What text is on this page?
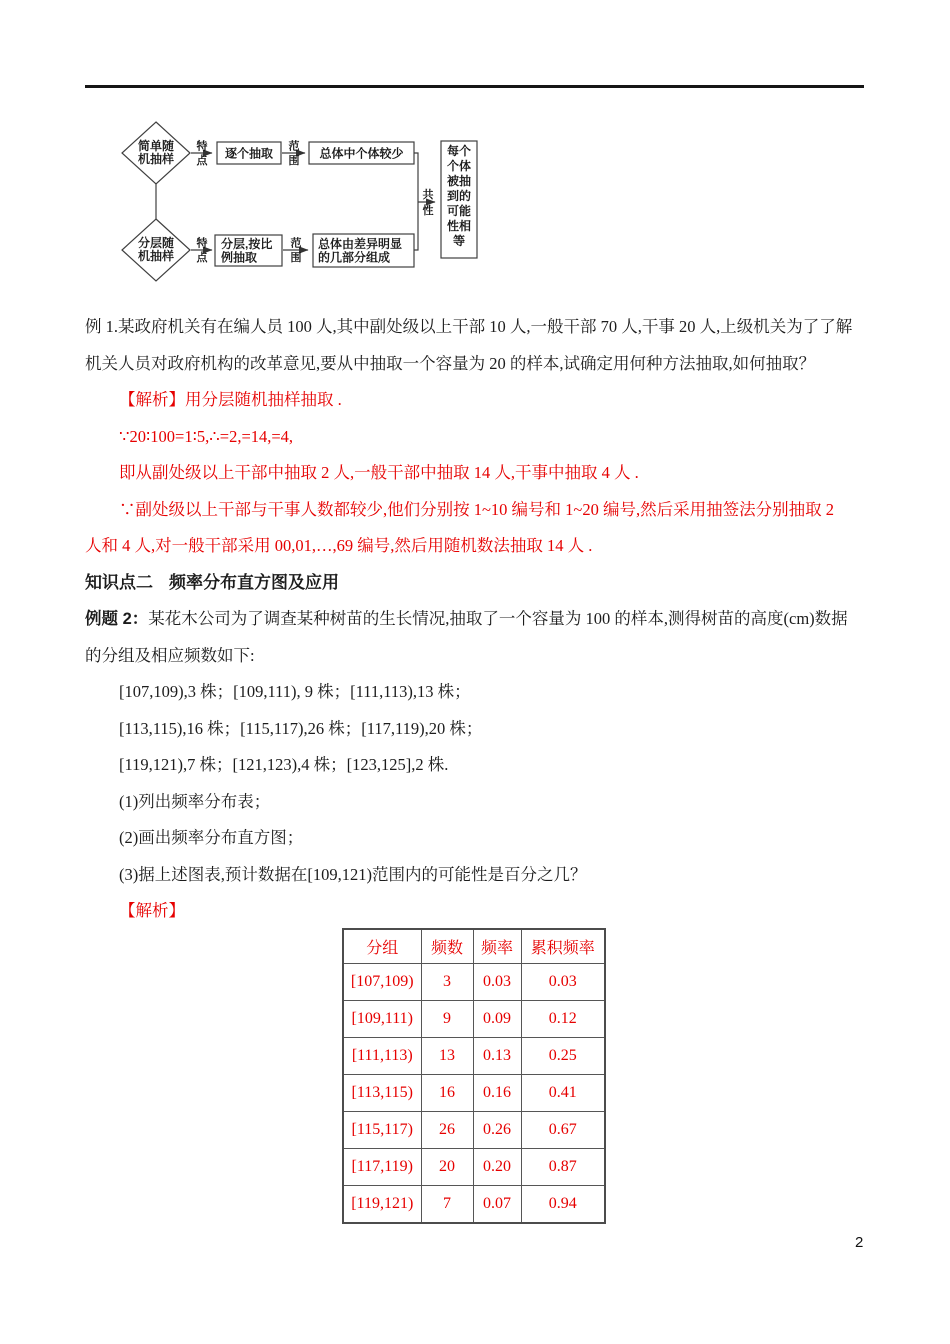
简单随
机抽样
分层随
机抽样
特
点
逐个抽取 范
围
总体中个体较少
特
点
分层,按比
例抽取
范
围
总体由差异明显
的几部分组成
共
性
每个
个体
被抽
到的
可能
性相
等
例 1.某政府机关有在编人员 100 人,其中副处级以上干部 10 人,一般干部 70 人,干事 20 人,上级机关为了了解
机关人员对政府机构的改革意见,要从中抽取一个容量为 20 的样本,试确定用何种方法抽取,如何抽取？
【解析】用分层随机抽样抽取 .
∵20∶100=1∶5,∴=2,=14,=4,
即从副处级以上干部中抽取 2 人,一般干部中抽取 14 人,干事中抽取 4 人 .
∵副处级以上干部与干事人数都较少,他们分别按 1~10 编号和 1~20 编号,然后采用抽签法分别抽取 2
人和 4 人,对一般干部采用 00,01,…,69 编号,然后用随机数法抽取 14 人 .
知识点二 频率分布直方图及应用
例题 2：某花木公司为了调查某种树苗的生长情况,抽取了一个容量为 100 的样本,测得树苗的高度(cm)数据
的分组及相应频数如下:
[107,109),3 株；[109,111), 9 株；[111,113),13 株；
[113,115),16 株；[115,117),26 株；[117,119),20 株；
[119,121),7 株；[121,123),4 株；[123,125],2 株.
(1)列出频率分布表；
(2)画出频率分布直方图；
(3)据上述图表,预计数据在[109,121)范围内的可能性是百分之几？
【解析】
分组	频数	频率	累积频率
[107,109)	3	0.03	0.03
[109,111)	9	0.09	0.12
[111,113)	13	0.13	0.25
[113,115)	16	0.16	0.41
[115,117)	26	0.26	0.67
[117,119)	20	0.20	0.87
[119,121)	7	0.07	0.94
2
